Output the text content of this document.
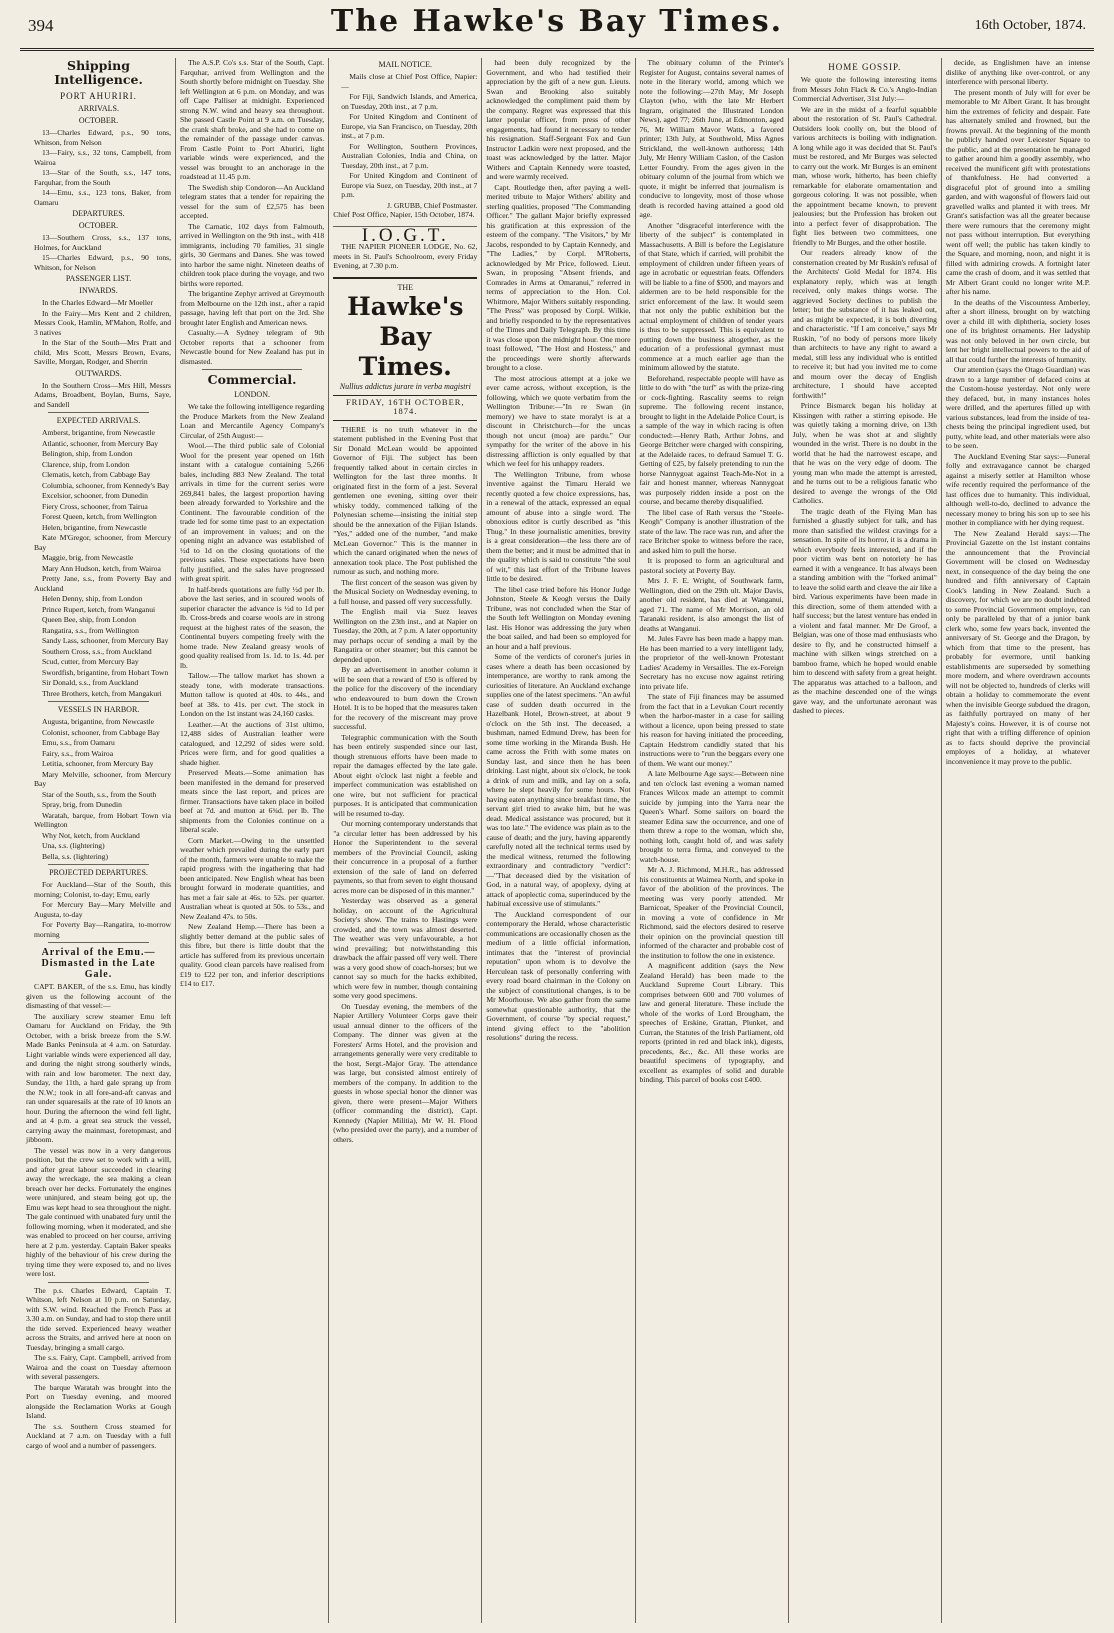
394	The Hawke's Bay Times.	16th October, 1874.
Shipping Intelligence.
PORT AHURIRI.
ARRIVALS.
OCTOBER.

13—Charles Edward, p.s., 90 tons, Whitson, from Nelson

13—Fairy, s.s., 32 tons, Campbell, from Wairoa

13—Star of the South, s.s., 147 tons, Farquhar, from the South

14—Emu, s.s., 123 tons, Baker, from Oamaru

DEPARTURES.
OCTOBER.

13—Southern Cross, s.s., 137 tons, Holmes, for Auckland

15—Charles Edward, p.s., 90 tons, Whitson, for Nelson

PASSENGER LIST.
INWARDS.

In the Charles Edward—Mr Moeller

In the Fairy—Mrs Kent and 2 children, Messrs Cook, Hamlin, M'Mahon, Rolfe, and 3 natives

In the Star of the South—Mrs Pratt and child, Mrs Scott, Messrs Brown, Evans, Saville, Morgan, Rodger, and Sherrin

OUTWARDS.

In the Southern Cross—Mrs Hill, Messrs Adams, Broadbent, Boylan, Burns, Saye, and Sandell

EXPECTED ARRIVALS.

Amberst, brigantine, from Newcastle

Atlantic, schooner, from Mercury Bay

Belington, ship, from London

Clarence, ship, from London

Clematis, ketch, from Cabbage Bay

Columbia, schooner, from Kennedy's Bay

Excelsior, schooner, from Dunedin

Fiery Cross, schooner, from Tairua

Forest Queen, ketch, from Wellington

Helen, brigantine, from Newcastle

Kate M'Gregor, schooner, from Mercury Bay

Maggie, brig, from Newcastle

Mary Ann Hudson, ketch, from Wairoa

Pretty Jane, s.s., from Poverty Bay and Auckland

Helen Denny, ship, from London

Prince Rupert, ketch, from Wanganui

Queen Bee, ship, from London

Rangatira, s.s., from Wellington

Sandy Lass, schooner, from Mercury Bay

Southern Cross, s.s., from Auckland

Scud, cutter, from Mercury Bay

Swordfish, brigantine, from Hobart Town

Sir Donald, s.s., from Auckland

Three Brothers, ketch, from Mangakuri

VESSELS IN HARBOR.

Augusta, brigantine, from Newcastle

Colonist, schooner, from Cabbage Bay

Emu, s.s., from Oamaru

Fairy, s.s., from Wairoa

Letitia, schooner, from Mercury Bay

Mary Melville, schooner, from Mercury Bay

Star of the South, s.s., from the South

Spray, brig, from Dunedin

Waratah, barque, from Hobart Town via Wellington

Why Not, ketch, from Auckland

Una, s.s. (lightering)

Bella, s.s. (lightering)

PROJECTED DEPARTURES.

For Auckland—Star of the South, this morning; Colonist, to-day; Emu, early

For Mercury Bay—Mary Melville and Augusta, to-day

For Poverty Bay—Rangatira, to-morrow morning

Arrival of the Emu.—Dismasted in the Late Gale.

CAPT. BAKER, of the s.s. Emu, has kindly given us the following account of the dismasting of that vessel:—

The auxiliary screw steamer Emu left Oamaru for Auckland on Friday, the 9th October, with a brisk breeze from the S.W. Made Banks Peninsula at 4 a.m. on Saturday. Light variable winds were experienced all day, and during the night strong southerly winds, with rain and low barometer. The next day, Sunday, the 11th, a hard gale sprang up from the N.W.; took in all fore-and-aft canvas and ran under squaresails at the rate of 10 knots an hour. During the afternoon the wind fell light, and at 4 p.m. a great sea struck the vessel, carrying away the mainmast, foretopmast, and jibboom.

The vessel was now in a very dangerous position, but the crew set to work with a will, and after great labour succeeded in clearing away the wreckage, the sea making a clean breach over her decks. Fortunately the engines were uninjured, and steam being got up, the Emu was kept head to sea throughout the night. The gale continued with unabated fury until the following morning, when it moderated, and she was enabled to proceed on her course, arriving here at 2 p.m. yesterday. Captain Baker speaks highly of the behaviour of his crew during the trying time they were exposed to, and no lives were lost.

The p.s. Charles Edward, Captain T. Whitson, left Nelson at 10 p.m. on Saturday, with S.W. wind. Reached the French Pass at 3.30 a.m. on Sunday, and had to stop there until the tide served. Experienced heavy weather across the Straits, and arrived here at noon on Tuesday, bringing a small cargo.

The s.s. Fairy, Capt. Campbell, arrived from Wairoa and the coast on Tuesday afternoon with several passengers.

The barque Waratah was brought into the Port on Tuesday evening, and moored alongside the Reclamation Works at Gough Island.

The s.s. Southern Cross steamed for Auckland at 7 a.m. on Tuesday with a full cargo of wool and a number of passengers.

The A.S.P. Co's s.s. Star of the South, Capt. Farquhar, arrived from Wellington and the South shortly before midnight on Tuesday. She left Wellington at 6 p.m. on Monday, and was off Cape Palliser at midnight. Experienced strong N.W. wind and heavy sea throughout. She passed Castle Point at 9 a.m. on Tuesday, the crank shaft broke, and she had to come on the remainder of the passage under canvas. From Castle Point to Port Ahuriri, light variable winds were experienced, and the vessel was brought to an anchorage in the roadstead at 11.45 p.m.

The Swedish ship Condoron—An Auckland telegram states that a tender for repairing the vessel for the sum of £2,575 has been accepted.

The Carnatic, 102 days from Falmouth, arrived in Wellington on the 9th inst., with 418 immigrants, including 70 families, 31 single girls, 30 Germans and Danes. She was towed into harbor the same night. Nineteen deaths of children took place during the voyage, and two births were reported.

The brigantine Zephyr arrived at Greymouth from Melbourne on the 12th inst., after a rapid passage, having left that port on the 3rd. She brought later English and American news.

Casualty.—A Sydney telegram of 9th October reports that a schooner from Newcastle bound for New Zealand has put in dismasted.

Commercial.
LONDON.

We take the following intelligence regarding the Produce Markets from the New Zealand Loan and Mercantile Agency Company's Circular, of 25th August:—

Wool.—The third public sale of Colonial Wool for the present year opened on 16th instant with a catalogue containing 5,266 bales, including 883 New Zealand. The total arrivals in time for the current series were 269,841 bales, the largest proportion having been already forwarded to Yorkshire and the Continent. The favourable condition of the trade led for some time past to an expectation of an improvement in values; and on the opening night an advance was established of ½d to 1d on the closing quotations of the previous sales. These expectations have been fully justified, and the sales have progressed with great spirit.

In half-breds quotations are fully ½d per lb. above the last series, and in scoured wools of superior character the advance is ½d to 1d per lb. Cross-breds and coarse wools are in strong request at the highest rates of the season, the Continental buyers competing freely with the home trade. New Zealand greasy wools of good quality realised from 1s. 1d. to 1s. 4d. per lb.

Tallow.—The tallow market has shown a steady tone, with moderate transactions. Mutton tallow is quoted at 40s. to 44s., and beef at 38s. to 41s. per cwt. The stock in London on the 1st instant was 24,160 casks.

Leather.—At the auctions of 31st ultimo, 12,488 sides of Australian leather were catalogued, and 12,292 of sides were sold. Prices were firm, and for good qualities a shade higher.

Preserved Meats.—Some animation has been manifested in the demand for preserved meats since the last report, and prices are firmer. Transactions have taken place in boiled beef at 7d. and mutton at 6¾d. per lb. The shipments from the Colonies continue on a liberal scale.

Corn Market.—Owing to the unsettled weather which prevailed during the early part of the month, farmers were unable to make the rapid progress with the ingathering that had been anticipated. New English wheat has been brought forward in moderate quantities, and has met a fair sale at 46s. to 52s. per quarter. Australian wheat is quoted at 50s. to 53s., and New Zealand 47s. to 50s.

New Zealand Hemp.—There has been a slightly better demand at the public sales of this fibre, but there is little doubt that the article has suffered from its previous uncertain quality. Good clean parcels have realised from £19 to £22 per ton, and inferior descriptions £14 to £17.

MAIL NOTICE.

Mails close at Chief Post Office, Napier:—

For Fiji, Sandwich Islands, and America, on Tuesday, 20th inst., at 7 p.m.

For United Kingdom and Continent of Europe, via San Francisco, on Tuesday, 20th inst., at 7 p.m.

For Wellington, Southern Provinces, Australian Colonies, India and China, on Tuesday, 20th inst., at 7 p.m.

For United Kingdom and Continent of Europe via Suez, on Tuesday, 20th inst., at 7 p.m.

J. GRUBB, Chief Postmaster.
Chief Post Office, Napier, 15th October, 1874.
I.O.G.T.

THE NAPIER PIONEER LODGE, No. 62, meets in St. Paul's Schoolroom, every Friday Evening, at 7.30 p.m.

THE
Hawke's Bay Times.
Nullius addictus jurare in verba magistri
FRIDAY, 16TH OCTOBER, 1874.

THERE is no truth whatever in the statement published in the Evening Post that Sir Donald McLean would be appointed Governor of Fiji. The subject has been frequently talked about in certain circles in Wellington for the last three months. It originated first in the form of a jest. Several gentlemen one evening, sitting over their whisky toddy, commenced talking of the Polynesian scheme—insisting the initial step should be the annexation of the Fijian Islands. "Yes," added one of the number, "and make McLean Governor." This is the manner in which the canard originated when the news of annexation took place. The Post published the rumour as such, and nothing more.

The first concert of the season was given by the Musical Society on Wednesday evening, to a full house, and passed off very successfully.

The English mail via Suez leaves Wellington on the 23th inst., and at Napier on Tuesday, the 20th, at 7 p.m. A later opportunity may perhaps occur of sending a mail by the Rangatira or other steamer; but this cannot be depended upon.

By an advertisement in another column it will be seen that a reward of £50 is offered by the police for the discovery of the incendiary who endeavoured to burn down the Crown Hotel. It is to be hoped that the measures taken for the recovery of the miscreant may prove successful.

Telegraphic communication with the South has been entirely suspended since our last, though strenuous efforts have been made to repair the damages effected by the late gale. About eight o'clock last night a feeble and imperfect communication was established on one wire, but not sufficient for practical purposes. It is anticipated that communication will be resumed to-day.

Our morning contemporary understands that "a circular letter has been addressed by his Honor the Superintendent to the several members of the Provincial Council, asking their concurrence in a proposal of a further extension of the sale of land on deferred payments, so that from seven to eight thousand acres more can be disposed of in this manner."

Yesterday was observed as a general holiday, on account of the Agricultural Society's show. The trains to Hastings were crowded, and the town was almost deserted. The weather was very unfavourable, a hot wind prevailing; but notwithstanding this drawback the affair passed off very well. There was a very good show of coach-horses; but we cannot say so much for the hacks exhibited, which were few in number, though containing some very good specimens.

On Tuesday evening, the members of the Napier Artillery Volunteer Corps gave their usual annual dinner to the officers of the Company. The dinner was given at the Foresters' Arms Hotel, and the provision and arrangements generally were very creditable to the host, Sergt.-Major Gray. The attendance was large, but consisted almost entirely of members of the company. In addition to the guests in whose special honor the dinner was given, there were present—Major Withers (officer commanding the district), Capt. Kennedy (Napier Militia), Mr W. H. Flood (who presided over the party), and a number of others.

had been duly recognized by the Government, and who had testified their appreciation by the gift of a new gun. Lieuts. Swan and Brooking also suitably acknowledged the compliment paid them by the company. Regret was expressed that this latter popular officer, from press of other engagements, had found it necessary to tender his resignation. Staff-Sergeant Fox and Gun Instructor Ladkin were next proposed, and the toast was acknowledged by the latter. Major Withers and Captain Kennedy were toasted, and were warmly received.

Capt. Routledge then, after paying a well-merited tribute to Major Withers' ability and sterling qualities, proposed "The Commanding Officer." The gallant Major briefly expressed his gratification at this expression of the esteem of the company. "The Visitors," by Mr Jacobs, responded to by Captain Kennedy, and "The Ladies," by Corpl. M'Roberts, acknowledged by Mr Price, followed. Lieut. Swan, in proposing "Absent friends, and Comrades in Arms at Omaranui," referred in terms of appreciation to the Hon. Col. Whitmore, Major Withers suitably responding. "The Press" was proposed by Corpl. Wilkie, and briefly responded to by the representatives of the Times and Daily Telegraph. By this time it was close upon the midnight hour. One more toast followed, "The Host and Hostess," and the proceedings were shortly afterwards brought to a close.

The most atrocious attempt at a joke we ever came across, without exception, is the following, which we quote verbatim from the Wellington Tribune:—"In re Swan (in memory) we have to state moralyt is at a discount in Christchurch—for the uncas though not uncut (moa) are pardu." Our sympathy for the writer of the above in his distressing affliction is only equalled by that which we feel for his unhappy readers.

The Wellington Tribune, from whose inventive against the Timaru Herald we recently quoted a few choice expressions, has, in a renewal of the attack, expressed an equal amount of abuse into a single word. The obnoxious editor is curtly described as "this Thug." In these journalistic amenities, brevity is a great consideration—the less there are of them the better; and it must be admitted that in the quality which is said to constitute "the soul of wit," this last effort of the Tribune leaves little to be desired.

The libel case tried before his Honor Judge Johnston, Steele & Keogh versus the Daily Tribune, was not concluded when the Star of the South left Wellington on Monday evening last. His Honor was addressing the jury when the boat sailed, and had been so employed for an hour and a half previous.

Some of the verdicts of coroner's juries in cases where a death has been occasioned by intemperance, are worthy to rank among the curiosities of literature. An Auckland exchange supplies one of the latest specimens. "An awful case of sudden death occurred in the Hazelbank Hotel, Brown-street, at about 9 o'clock on the 5th inst. The deceased, a bushman, named Edmund Drew, has been for some time working in the Miranda Bush. He came across the Frith with some mates on Sunday last, and since then he has been drinking. Last night, about six o'clock, he took a drink of rum and milk, and lay on a sofa, where he slept heavily for some hours. Not having eaten anything since breakfast time, the servant girl tried to awake him, but he was dead. Medical assistance was procured, but it was too late." The evidence was plain as to the cause of death; and the jury, having apparently carefully noted all the technical terms used by the medical witness, returned the following extraordinary and contradictory "verdict":—"That deceased died by the visitation of God, in a natural way, of apoplexy, dying at attack of apoplectic coma, superinduced by the habitual excessive use of stimulants."

The Auckland correspondent of our contemporary the Herald, whose characteristic communications are occasionally chosen as the medium of a little official information, intimates that the "interest of provincial reputation" upon whom is to devolve the Herculean task of personally conferring with every road board chairman in the Colony on the subject of constitutional changes, is to be Mr Moorhouse. We also gather from the same somewhat questionable authority, that the Government, of course "by special request," intend giving effect to the "abolition resolutions" during the recess.

The obituary column of the Printer's Register for August, contains several names of note in the literary world, among which we note the following:—27th May, Mr Joseph Clayton (who, with the late Mr Herbert Ingram, originated the Illustrated London News), aged 77; 26th June, at Edmonton, aged 76, Mr William Mavor Watts, a favored printer; 13th July, at Southwold, Miss Agnes Strickland, the well-known authoress; 14th July, Mr Henry William Caslon, of the Caslon Letter Foundry. From the ages given in the obituary column of the journal from which we quote, it might be inferred that journalism is conducive to longevity, most of those whose death is recorded having attained a good old age.

Another "disgraceful interference with the liberty of the subject" is contemplated in Massachusetts. A Bill is before the Legislature of that State, which if carried, will prohibit the employment of children under fifteen years of age in acrobatic or equestrian feats. Offenders will be liable to a fine of $500, and mayors and aldermen are to be held responsible for the strict enforcement of the law. It would seem that not only the public exhibition but the actual employment of children of tender years is thus to be suppressed. This is equivalent to putting down the business altogether, as the education of a professional gymnast must commence at a much earlier age than the minimum allowed by the statute.

Beforehand, respectable people will have as little to do with "the turf" as with the prize-ring or cock-fighting. Rascality seems to reign supreme. The following recent instance, brought to light in the Adelaide Police Court, is a sample of the way in which racing is often conducted:—Henry Rath, Arthur Johns, and George Britcher were charged with conspiring, at the Adelaide races, to defraud Samuel T. G. Getting of £25, by falsely pretending to run the horse Nannygoat against Teach-Me-Not in a fair and honest manner, whereas Nannygoat was purposely ridden inside a post on the course, and became thereby disqualified.

The libel case of Rath versus the "Steele-Keogh" Company is another illustration of the state of the law. The race was run, and after the race Britcher spoke to witness before the race, and asked him to pull the horse.

It is proposed to form an agricultural and pastoral society at Poverty Bay.

Mrs J. F. E. Wright, of Southwark farm, Wellington, died on the 29th ult. Major Davis, another old resident, has died at Wanganui, aged 71. The name of Mr Morrison, an old Taranaki resident, is also amongst the list of deaths at Wanganui.

M. Jules Favre has been made a happy man. He has been married to a very intelligent lady, the proprietor of the well-known Protestant Ladies' Academy in Versailles. The ex-Foreign Secretary has no excuse now against retiring into private life.

The state of Fiji finances may be assumed from the fact that in a Levukan Court recently when the harbor-master in a case for sailing without a licence, upon being pressed to state his reason for having initiated the proceeding, Captain Hedstrom candidly stated that his instructions were to "run the beggars every one of them. We want our money."

A late Melbourne Age says:—Between nine and ten o'clock last evening a woman named Frances Wilcox made an attempt to commit suicide by jumping into the Yarra near the Queen's Wharf. Some sailors on board the steamer Edina saw the occurrence, and one of them threw a rope to the woman, which she, nothing loth, caught hold of, and was safely brought to terra firma, and conveyed to the watch-house.

Mr A. J. Richmond, M.H.R., has addressed his constituents at Waimea North, and spoke in favor of the abolition of the provinces. The meeting was very poorly attended. Mr Barnicoat, Speaker of the Provincial Council, in moving a vote of confidence in Mr Richmond, said the electors desired to reserve their opinion on the provincial question till informed of the character and probable cost of the institution to follow the one in existence.

A magnificent addition (says the New Zealand Herald) has been made to the Auckland Supreme Court Library. This comprises between 600 and 700 volumes of law and general literature. These include the whole of the works of Lord Brougham, the speeches of Erskine, Grattan, Plunket, and Curran, the Statutes of the Irish Parliament, old reports (printed in red and black ink), digests, precedents, &c., &c. All these works are beautiful specimens of typography, and excellent as examples of solid and durable binding. This parcel of books cost £400.

HOME GOSSIP.

We quote the following interesting items from Messrs John Flack & Co.'s Anglo-Indian Commercial Advertiser, 31st July:—

We are in the midst of a fearful squabble about the restoration of St. Paul's Cathedral. Outsiders look coolly on, but the blood of various architects is boiling with indignation. A long while ago it was decided that St. Paul's must be restored, and Mr Burges was selected to carry out the work. Mr Burges is an eminent man, whose work, hitherto, has been chiefly remarkable for elaborate ornamentation and gorgeous coloring. It was not possible, when the appointment became known, to prevent jealousies; but the Profession has broken out into a perfect fever of disapprobation. The fight lies between two committees, one friendly to Mr Burges, and the other hostile.

Our readers already know of the consternation created by Mr Ruskin's refusal of the Architects' Gold Medal for 1874. His explanatory reply, which was at length received, only makes things worse. The aggrieved Society declines to publish the letter; but the substance of it has leaked out, and as might be expected, it is both diverting and characteristic. "If I am conceive," says Mr Ruskin, "of no body of persons more likely than architects to have any right to award a medal, still less any individual who is entitled to receive it; but had you invited me to come and mourn over the decay of English architecture, I should have accepted forthwith!"

Prince Bismarck began his holiday at Kissingen with rather a stirring episode. He was quietly taking a morning drive, on 13th July, when he was shot at and slightly wounded in the wrist. There is no doubt in the world that he had the narrowest escape, and that he was on the very edge of doom. The young man who made the attempt is arrested, and he turns out to be a religious fanatic who desired to avenge the wrongs of the Old Catholics.

The tragic death of the Flying Man has furnished a ghastly subject for talk, and has more than satisfied the wildest cravings for a sensation. In spite of its horror, it is a drama in which everybody feels interested, and if the poor victim was bent on notoriety he has earned it with a vengeance. It has always been a standing ambition with the "forked animal" to leave the solid earth and cleave the air like a bird. Various experiments have been made in this direction, some of them attended with a half success; but the latest venture has ended in a violent and fatal manner. Mr De Groof, a Belgian, was one of those mad enthusiasts who desire to fly, and he constructed himself a machine with silken wings stretched on a bamboo frame, which he hoped would enable him to descend with safety from a great height. The apparatus was attached to a balloon, and as the machine descended one of the wings gave way, and the unfortunate aeronaut was dashed to pieces.

decide, as Englishmen have an intense dislike of anything like over-control, or any interference with personal liberty.

The present month of July will for ever be memorable to Mr Albert Grant. It has brought him the extremes of felicity and despair. Fate has alternately smiled and frowned, but the frowns prevail. At the beginning of the month he publicly handed over Leicester Square to the public, and at the presentation he managed to gather around him a goodly assembly, who received the munificent gift with protestations of thankfulness. He had converted a disgraceful plot of ground into a smiling garden, and with wagonsful of flowers laid out gravelled walks and planted it with trees. Mr Grant's satisfaction was all the greater because there were rumours that the ceremony might not pass without interruption. But everything went off well; the public has taken kindly to the Square, and morning, noon, and night it is filled with admiring crowds. A fortnight later came the crash of doom, and it was settled that Mr Albert Grant could no longer write M.P. after his name.

In the deaths of the Viscountess Amberley, after a short illness, brought on by watching over a child ill with diphtheria, society loses one of its brightest ornaments. Her ladyship was not only beloved in her own circle, but lent her bright intellectual powers to the aid of all that could further the interests of humanity.

Our attention (says the Otago Guardian) was drawn to a large number of defaced coins at the Custom-house yesterday. Not only were they defaced, but, in many instances holes were drilled, and the apertures filled up with various substances, lead from the inside of tea-chests being the principal ingredient used, but putty, white lead, and other materials were also to be seen.

The Auckland Evening Star says:—Funeral folly and extravagance cannot be charged against a miserly settler at Hamilton whose wife recently required the performance of the last offices due to humanity. This individual, although well-to-do, declined to advance the necessary money to bring his son up to see his mother in compliance with her dying request.

The New Zealand Herald says:—The Provincial Gazette on the 1st instant contains the announcement that the Provincial Government will be closed on Wednesday next, in consequence of the day being the one hundred and fifth anniversary of Captain Cook's landing in New Zealand. Such a discovery, for which we are no doubt indebted to some Provincial Government employe, can only be paralleled by that of a junior bank clerk who, some few years back, invented the anniversary of St. George and the Dragon, by which from that time to the present, has probably for evermore, until banking establishments are superseded by something more modern, and where overdrawn accounts will not be objected to, hundreds of clerks will obtain a holiday to commemorate the event when the invisible George subdued the dragon, as faithfully portrayed on many of her Majesty's coins. However, it is of course not right that with a trifling difference of opinion as to facts should deprive the provincial employes of a holiday, at whatever inconvenience it may prove to the public.
